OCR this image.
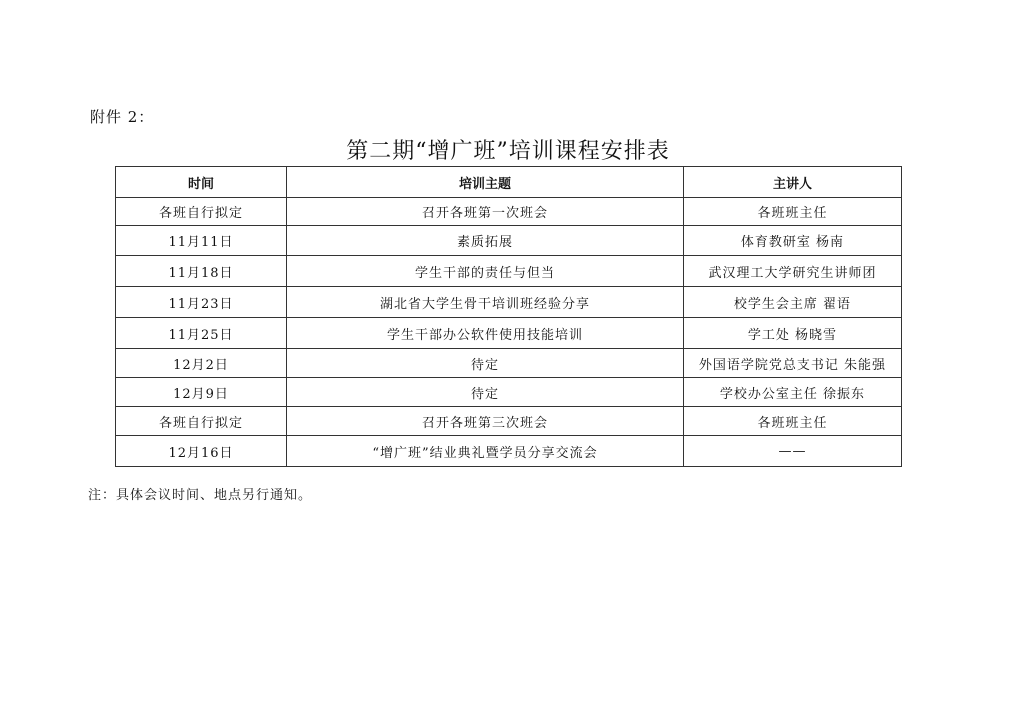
附件 2：
第二期“增广班”培训课程安排表
时间	培训主题	主讲人
各班自行拟定	召开各班第一次班会	各班班主任
11月11日	素质拓展	体育教研室 杨南
11月18日	学生干部的责任与但当	武汉理工大学研究生讲师团
11月23日	湖北省大学生骨干培训班经验分享	校学生会主席 翟语
11月25日	学生干部办公软件使用技能培训	学工处 杨晓雪
12月2日	待定	外国语学院党总支书记 朱能强
12月9日	待定	学校办公室主任 徐振东
各班自行拟定	召开各班第三次班会	各班班主任
12月16日	“增广班”结业典礼暨学员分享交流会	——
注：具体会议时间、地点另行通知。
